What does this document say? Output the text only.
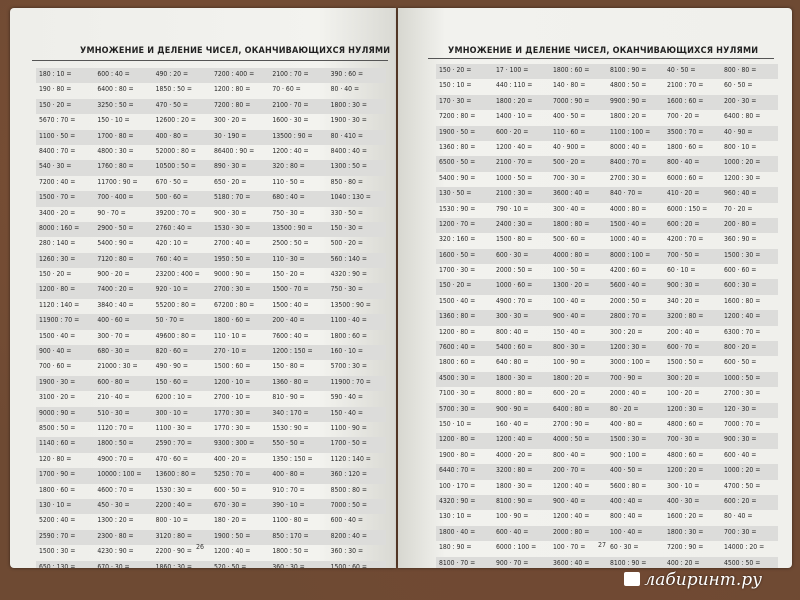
УМНОЖЕНИЕ И ДЕЛЕНИЕ ЧИСЕЛ, ОКАНЧИВАЮЩИХСЯ НУЛЯМИ
180 : 10 =	600 : 40 =	490 : 20 =	7200 : 400 =	2100 : 70 =	390 : 60 =
190 · 80 =	6400 : 80 =	1850 : 50 =	1200 : 80 =	70 · 60 =	80 · 40 =
150 · 20 =	3250 : 50 =	470 · 50 =	7200 : 80 =	2100 · 70 =	1800 : 30 =
5670 : 70 =	150 · 10 =	12600 : 20 =	300 · 20 =	1600 · 30 =	1900 · 30 =
1100 · 50 =	1700 · 80 =	400 · 80 =	30 · 190 =	13500 : 90 =	80 · 410 =
8400 : 70 =	4800 : 30 =	52000 : 80 =	86400 : 90 =	1200 : 40 =	8400 : 40 =
540 · 30 =	1760 : 80 =	10500 : 50 =	890 · 30 =	320 : 80 =	1300 : 50 =
7200 : 40 =	11700 : 90 =	670 · 50 =	650 · 20 =	110 · 50 =	850 · 80 =
1500 · 70 =	700 · 400 =	500 · 60 =	5180 : 70 =	680 : 40 =	1040 : 130 =
3400 · 20 =	90 · 70 =	39200 : 70 =	900 · 30 =	750 · 30 =	330 · 50 =
8000 : 160 =	2900 · 50 =	2760 : 40 =	1530 · 30 =	13500 : 90 =	150 · 30 =
280 : 140 =	5400 : 90 =	420 : 10 =	2700 : 40 =	2500 : 50 =	500 · 20 =
1260 : 30 =	7120 : 80 =	760 : 40 =	1950 : 50 =	110 · 30 =	560 : 140 =
150 · 20 =	900 · 20 =	23200 : 400 =	9000 : 90 =	150 · 20 =	4320 : 90 =
1200 · 80 =	7400 : 20 =	920 · 10 =	2700 : 30 =	1500 · 70 =	750 · 30 =
1120 : 140 =	3840 : 40 =	55200 : 80 =	67200 : 80 =	1500 : 40 =	13500 : 90 =
11900 : 70 =	400 · 60 =	50 · 70 =	1800 · 60 =	200 · 40 =	1100 · 40 =
1500 · 40 =	300 · 70 =	49600 : 80 =	110 · 10 =	7600 : 40 =	1800 : 60 =
900 · 40 =	680 · 30 =	820 · 60 =	270 · 10 =	1200 : 150 =	160 · 10 =
700 · 60 =	21000 : 30 =	490 · 90 =	1500 : 60 =	150 · 80 =	5700 : 30 =
1900 · 30 =	600 · 80 =	150 · 60 =	1200 · 10 =	1360 · 80 =	11900 : 70 =
3100 · 20 =	210 · 40 =	6200 : 10 =	2700 · 10 =	810 · 90 =	590 · 40 =
9000 : 90 =	510 · 30 =	300 · 10 =	1770 : 30 =	340 : 170 =	150 · 40 =
8500 : 50 =	1120 : 70 =	1100 · 30 =	1770 : 30 =	1530 : 90 =	1100 · 90 =
1140 : 60 =	1800 : 50 =	2590 : 70 =	9300 : 300 =	550 · 50 =	1700 · 50 =
120 · 80 =	4900 : 70 =	470 · 60 =	400 · 20 =	1350 : 150 =	1120 : 140 =
1700 · 90 =	10000 : 100 =	13600 : 80 =	5250 : 70 =	400 · 80 =	360 : 120 =
1800 · 60 =	4600 : 70 =	1530 : 30 =	600 · 50 =	910 : 70 =	8500 : 80 =
130 · 10 =	450 · 30 =	2200 : 40 =	670 · 30 =	390 · 10 =	7000 : 50 =
5200 : 40 =	1300 : 20 =	800 · 10 =	180 · 20 =	1100 · 80 =	600 · 40 =
2590 : 70 =	2300 · 80 =	3120 : 80 =	1900 : 50 =	850 : 170 =	8200 : 40 =
1500 : 30 =	4230 : 90 =	2200 · 90 =	1200 : 40 =	1800 : 50 =	360 : 30 =
650 : 130 =	670 · 30 =	1860 : 30 =	520 · 50 =	360 : 30 =	1500 : 60 =
26
УМНОЖЕНИЕ И ДЕЛЕНИЕ ЧИСЕЛ, ОКАНЧИВАЮЩИХСЯ НУЛЯМИ
150 · 20 =	17 · 100 =	1800 : 60 =	8100 : 90 =	40 · 50 =	800 · 80 =
150 : 10 =	440 : 110 =	140 · 80 =	4800 : 50 =	2100 : 70 =	60 · 50 =
170 · 30 =	1800 : 20 =	7000 : 90 =	9900 : 90 =	1600 : 60 =	200 · 30 =
7200 : 80 =	1400 · 10 =	400 · 50 =	1800 : 20 =	700 · 20 =	6400 : 80 =
1900 · 50 =	600 · 20 =	110 · 60 =	1100 : 100 =	3500 : 70 =	40 · 90 =
1360 : 80 =	1200 · 40 =	40 · 900 =	8000 : 40 =	1800 · 60 =	800 · 10 =
6500 · 50 =	2100 · 70 =	500 · 20 =	8400 : 70 =	800 · 40 =	1000 : 20 =
5400 : 90 =	1000 · 50 =	700 · 30 =	2700 : 30 =	6000 : 60 =	1200 : 30 =
130 · 50 =	2100 : 30 =	3600 : 40 =	840 · 70 =	410 · 20 =	960 : 40 =
1530 : 90 =	790 · 10 =	300 · 40 =	4000 : 80 =	6000 : 150 =	70 · 20 =
1200 · 70 =	2400 : 30 =	1800 : 80 =	1500 · 40 =	600 : 20 =	200 · 80 =
320 : 160 =	1500 · 80 =	500 · 60 =	1000 : 40 =	4200 : 70 =	360 : 90 =
1600 · 50 =	600 · 30 =	4000 : 80 =	8000 : 100 =	700 · 50 =	1500 : 30 =
1700 · 30 =	2000 : 50 =	100 · 50 =	4200 : 60 =	60 · 10 =	600 · 60 =
150 · 20 =	1000 · 60 =	1300 · 20 =	5600 · 40 =	900 : 30 =	600 : 30 =
1500 · 40 =	4900 : 70 =	100 · 40 =	2000 : 50 =	340 : 20 =	1600 : 80 =
1360 : 80 =	300 · 30 =	900 · 40 =	2800 : 70 =	3200 : 80 =	1200 : 40 =
1200 · 80 =	800 : 40 =	150 · 40 =	300 : 20 =	200 : 40 =	6300 : 70 =
7600 : 40 =	5400 : 60 =	800 · 30 =	1200 : 30 =	600 · 70 =	800 · 20 =
1800 : 60 =	640 : 80 =	100 · 90 =	3000 : 100 =	1500 : 50 =	600 · 50 =
4500 : 30 =	1800 · 30 =	1800 : 20 =	700 · 90 =	300 : 20 =	1000 : 50 =
7100 · 30 =	8000 : 80 =	600 · 20 =	2000 : 40 =	100 · 20 =	2700 : 30 =
5700 : 30 =	900 · 90 =	6400 : 80 =	80 · 20 =	1200 : 30 =	120 · 30 =
150 · 10 =	160 · 40 =	2700 : 90 =	400 · 80 =	4800 : 60 =	7000 : 70 =
1200 · 80 =	1200 : 40 =	4000 : 50 =	1500 : 30 =	700 · 30 =	900 : 30 =
1900 · 80 =	4000 · 20 =	800 · 40 =	900 : 100 =	4800 : 60 =	600 · 40 =
6440 : 70 =	3200 : 80 =	200 · 70 =	400 · 50 =	1200 : 20 =	1000 : 20 =
100 · 170 =	1800 · 30 =	1200 : 40 =	5600 : 80 =	300 · 10 =	4700 : 50 =
4320 : 90 =	8100 : 90 =	900 · 40 =	400 : 40 =	400 · 30 =	600 : 20 =
130 : 10 =	100 · 90 =	1200 : 40 =	800 : 40 =	1600 : 20 =	80 · 40 =
1800 · 40 =	600 · 40 =	2000 : 80 =	100 · 40 =	1800 : 30 =	700 : 30 =
180 : 90 =	6000 : 100 =	100 · 70 =	60 · 30 =	7200 : 90 =	14000 : 20 =
8100 · 70 =	900 · 70 =	3600 : 40 =	8100 : 90 =	400 : 20 =	4500 : 50 =
27
лабиринт.ру
